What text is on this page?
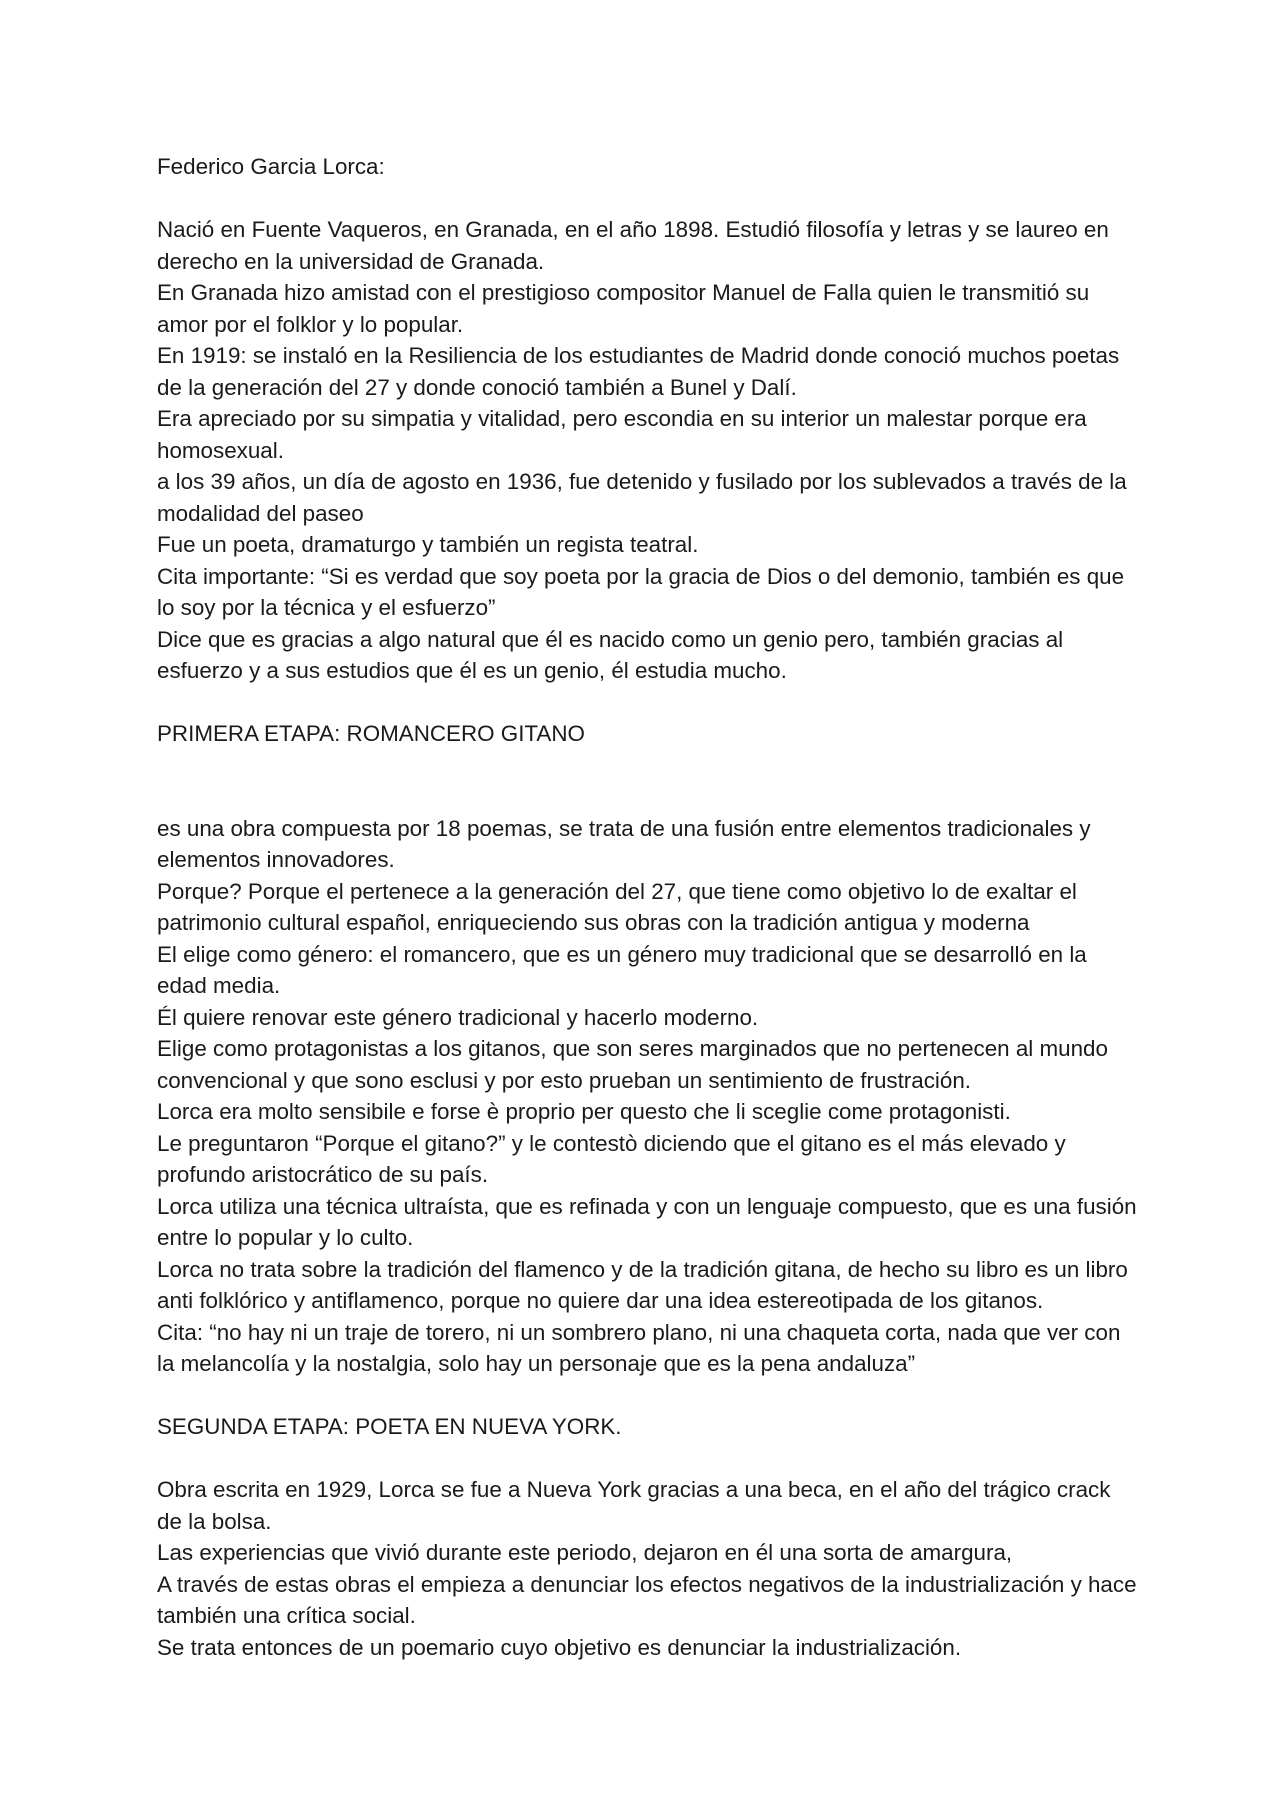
Federico Garcia Lorca:

Nació en Fuente Vaqueros, en Granada, en el año 1898. Estudió filosofía y letras y se laureo en derecho en la universidad de Granada.

En Granada hizo amistad con el prestigioso compositor Manuel de Falla quien le transmitió su amor por el folklor y lo popular.

En 1919: se instaló en la Resiliencia de los estudiantes de Madrid donde conoció muchos poetas de la generación del 27 y donde conoció también a Bunel y Dalí.

Era apreciado por su simpatia y vitalidad, pero escondia en su interior un malestar porque era homosexual.

a los 39 años, un día de agosto en 1936, fue detenido y fusilado por los sublevados a través de la modalidad del paseo

Fue un poeta, dramaturgo y también un regista teatral.

Cita importante: “Si es verdad que soy poeta por la gracia de Dios o del demonio, también es que lo soy por la técnica y el esfuerzo”

Dice que es gracias a algo natural que él es nacido como un genio pero, también gracias al esfuerzo y a sus estudios que él es un genio, él estudia mucho.

PRIMERA ETAPA: ROMANCERO GITANO

es una obra compuesta por 18 poemas, se trata de una fusión entre elementos tradicionales y elementos innovadores.

Porque? Porque el pertenece a la generación del 27, que tiene como objetivo lo de exaltar el patrimonio cultural español, enriqueciendo sus obras con la tradición antigua y moderna

El elige como género: el romancero, que es un género muy tradicional que se desarrolló en la edad media.

Él quiere renovar este género tradicional y hacerlo moderno.

Elige como protagonistas a los gitanos, que son seres marginados que no pertenecen al mundo convencional y que sono esclusi y por esto prueban un sentimiento de frustración.

Lorca era molto sensibile e forse è proprio per questo che li sceglie come protagonisti.

Le preguntaron “Porque el gitano?” y le contestò diciendo que el gitano es el más elevado y profundo aristocrático de su país.

Lorca utiliza una técnica ultraísta, que es refinada y con un lenguaje compuesto, que es una fusión entre lo popular y lo culto.

Lorca no trata sobre la tradición del flamenco y de la tradición gitana, de hecho su libro es un libro anti folklórico y antiflamenco, porque no quiere dar una idea estereotipada de los gitanos.

Cita: “no hay ni un traje de torero, ni un sombrero plano, ni una chaqueta corta, nada que ver con la melancolía y la nostalgia, solo hay un personaje que es la pena andaluza”

SEGUNDA ETAPA: POETA EN NUEVA YORK.

Obra escrita en 1929, Lorca se fue a Nueva York gracias a una beca, en el año del trágico crack de la bolsa.

Las experiencias que vivió durante este periodo, dejaron en él una sorta de amargura,

A través de estas obras el empieza a denunciar los efectos negativos de la industrialización y hace también una crítica social.

Se trata entonces de un poemario cuyo objetivo es denunciar la industrialización.
